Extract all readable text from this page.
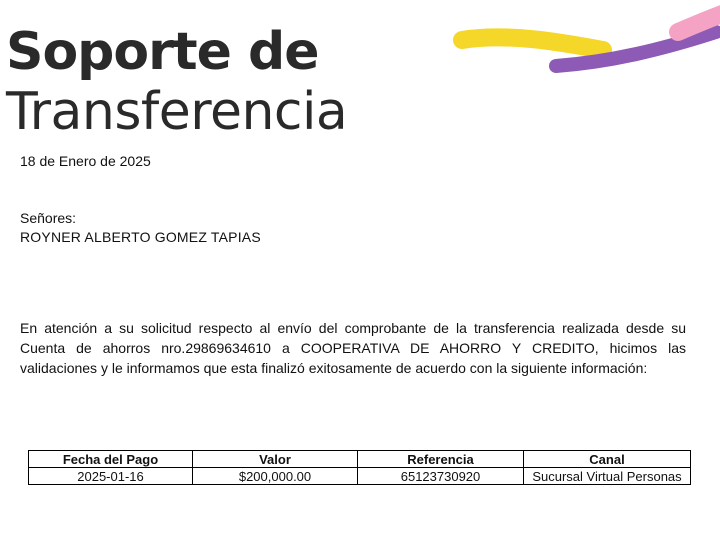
Soporte de
Transferencia
18 de Enero de 2025
Señores:
ROYNER ALBERTO GOMEZ TAPIAS
En atención a su solicitud respecto al envío del comprobante de la transferencia realizada desde su Cuenta de ahorros nro.29869634610 a COOPERATIVA DE AHORRO Y CREDITO, hicimos las validaciones y le informamos que esta finalizó exitosamente de acuerdo con la siguiente información:
Fecha del Pago	Valor	Referencia	Canal
2025-01-16	$200,000.00	65123730920	Sucursal Virtual Personas
